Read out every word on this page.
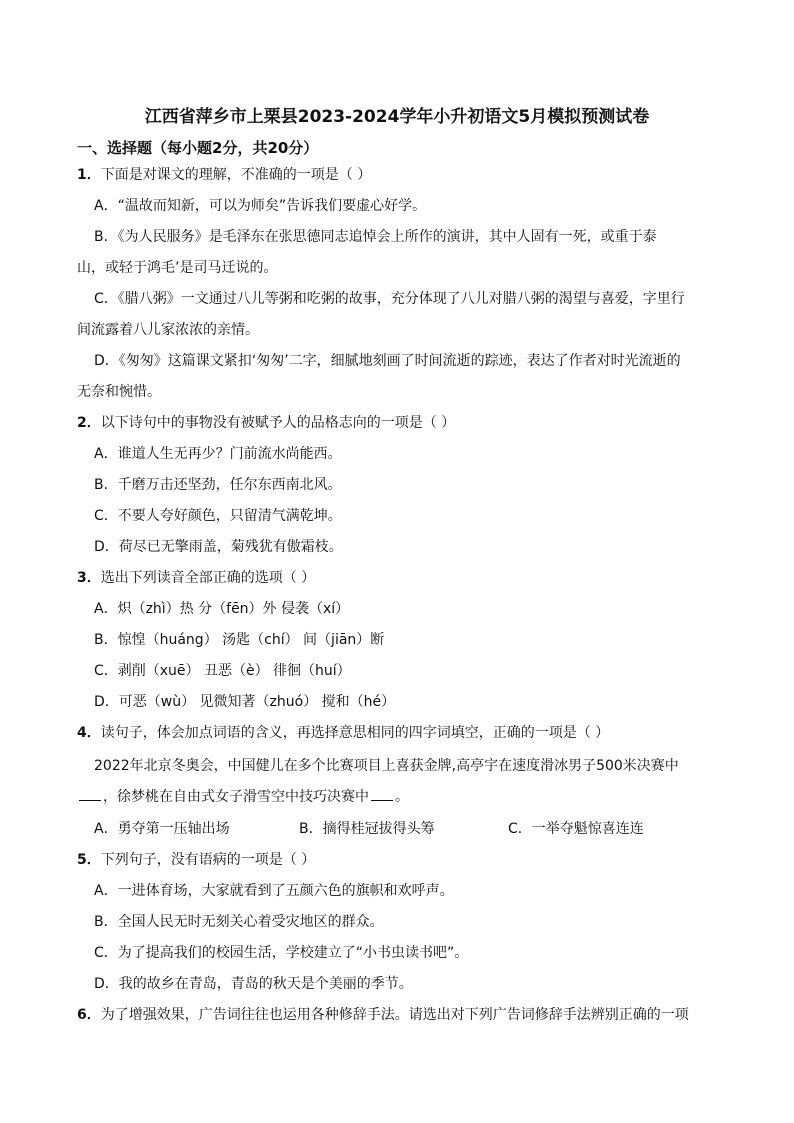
江西省萍乡市上栗县2023-2024学年小升初语文5月模拟预测试卷
一、选择题（每小题2分，共20分）
1．下面是对课文的理解，不准确的一项是（ ）
A．“温故而知新，可以为师矣”告诉我们要虚心好学。
B．《为人民服务》是毛泽东在张思德同志追悼会上所作的演讲，其中人固有一死，或重于泰
山，或轻于鸿毛’是司马迁说的。
C．《腊八粥》一文通过八儿等粥和吃粥的故事，充分体现了八儿对腊八粥的渴望与喜爱，字里行
间流露着八儿家浓浓的亲情。
D．《匆匆》这篇课文紧扣‘匆匆’二字，细腻地刻画了时间流逝的踪迹，表达了作者对时光流逝的
无奈和惋惜。
2．以下诗句中的事物没有被赋予人的品格志向的一项是（ ）
A．谁道人生无再少？门前流水尚能西。
B．千磨万击还坚劲，任尔东西南北风。
C．不要人夸好颜色，只留清气满乾坤。
D．荷尽已无擎雨盖，菊残犹有傲霜枝。
3．选出下列读音全部正确的选项（ ）
A．炽（zhì）热 分（fēn）外 侵袭（xí）
B．惊惶（huáng） 汤匙（chí） 间（jiān）断
C．剥削（xuē） 丑恶（è） 徘徊（huí）
D．可恶（wù） 见微知著（zhuó） 搅和（hé）
4．读句子，体会加点词语的含义，再选择意思相同的四字词填空，正确的一项是（ ）
2022年北京冬奥会，中国健儿在多个比赛项目上喜获金牌,高亭宇在速度滑冰男子500米决赛中
，徐梦桃在自由式女子滑雪空中技巧决赛中 。
A．勇夺第一压轴出场	B．摘得桂冠拔得头筹	C．一举夺魁惊喜连连
5．下列句子，没有语病的一项是（ ）
A．一进体育场，大家就看到了五颜六色的旗帜和欢呼声。
B．全国人民无时无刻关心着受灾地区的群众。
C．为了提高我们的校园生活，学校建立了“小书虫读书吧”。
D．我的故乡在青岛，青岛的秋天是个美丽的季节。
6．为了增强效果，广告词往往也运用各种修辞手法。请选出对下列广告词修辞手法辨别正确的一项
